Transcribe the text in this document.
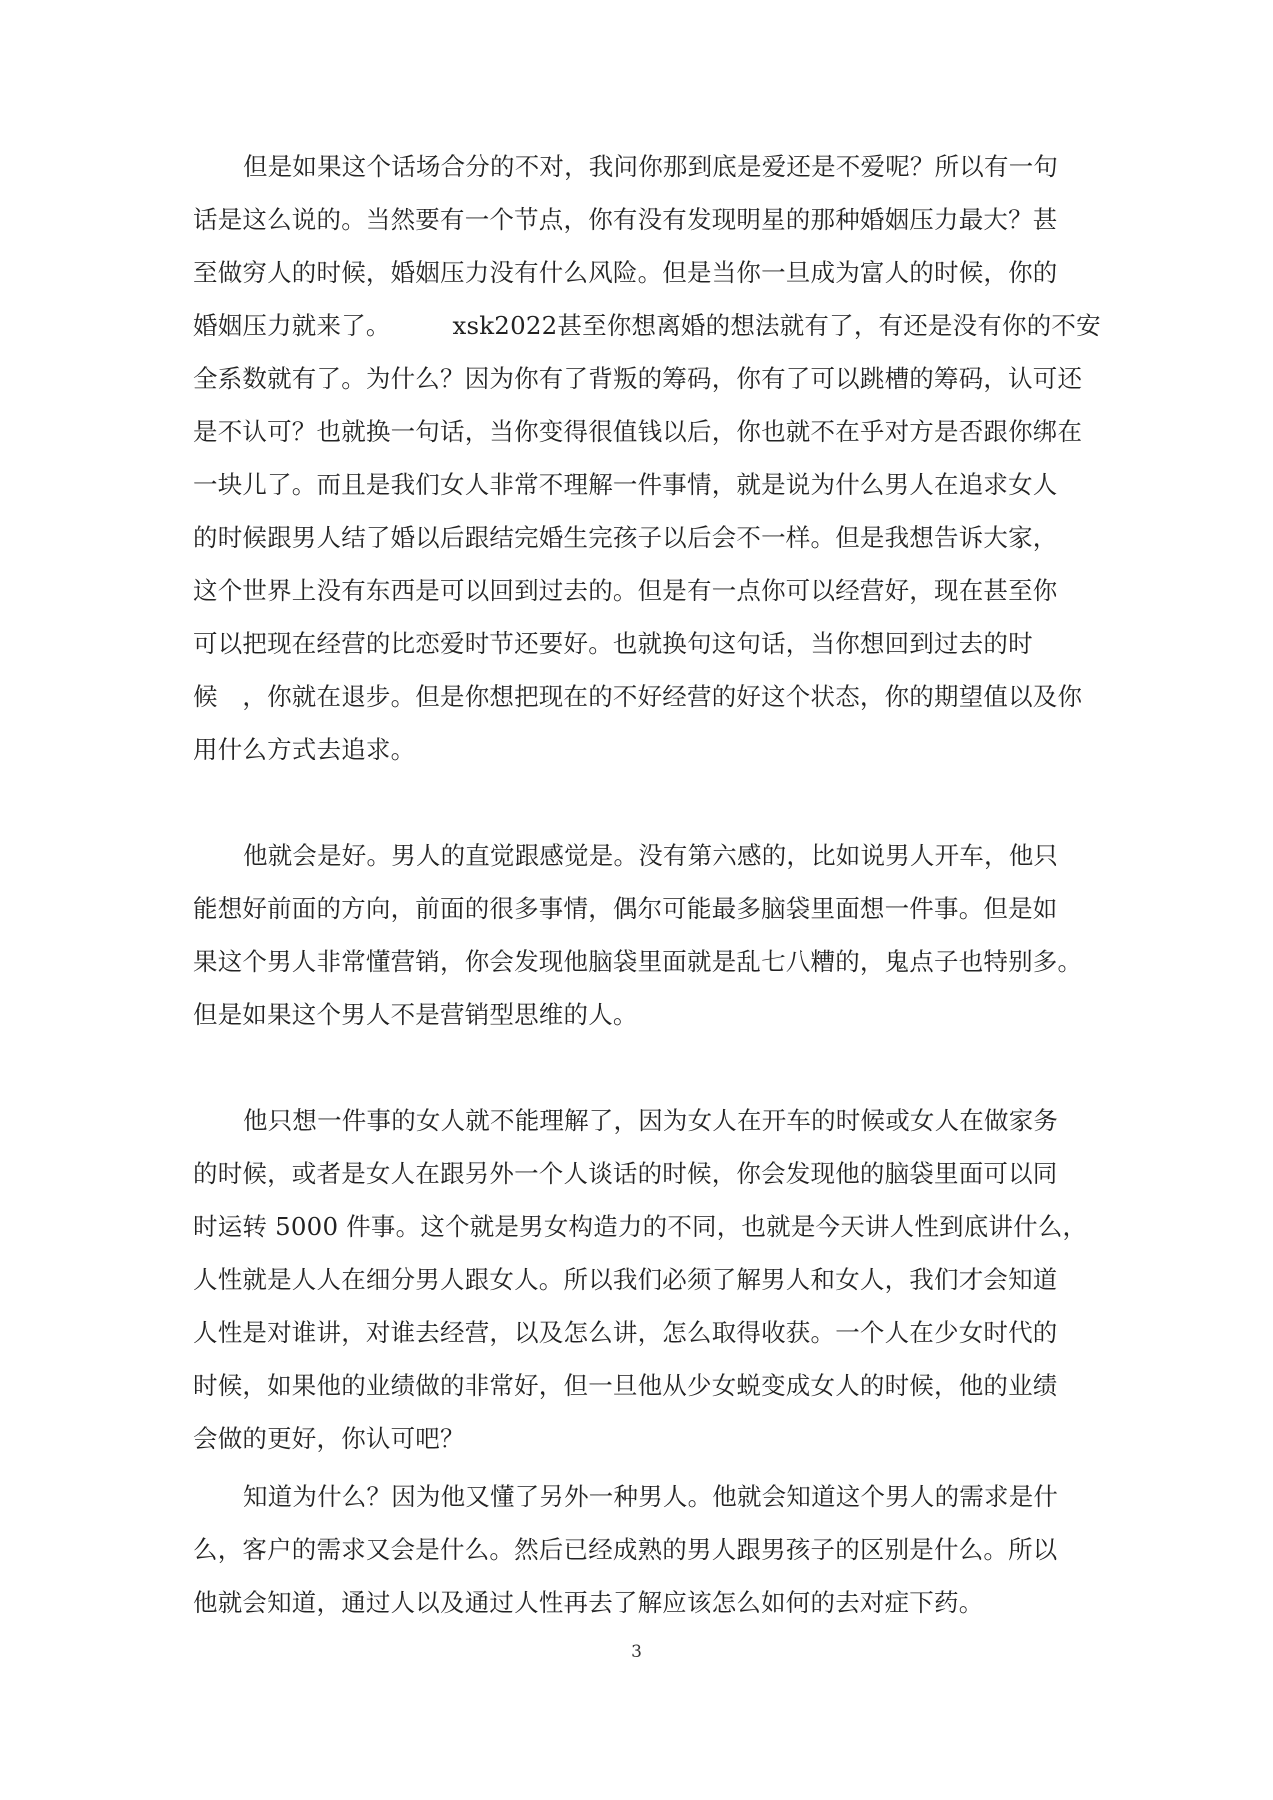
但是如果这个话场合分的不对，我问你那到底是爱还是不爱呢？所以有一句
话是这么说的。当然要有一个节点，你有没有发现明星的那种婚姻压力最大？甚
至做穷人的时候，婚姻压力没有什么风险。但是当你一旦成为富人的时候，你的
婚姻压力就来了。　　　xsk2022甚至你想离婚的想法就有了，有还是没有你的不安
全系数就有了。为什么？因为你有了背叛的筹码，你有了可以跳槽的筹码，认可还
是不认可？也就换一句话，当你变得很值钱以后，你也就不在乎对方是否跟你绑在
一块儿了。而且是我们女人非常不理解一件事情，就是说为什么男人在追求女人
的时候跟男人结了婚以后跟结完婚生完孩子以后会不一样。但是我想告诉大家，
这个世界上没有东西是可以回到过去的。但是有一点你可以经营好，现在甚至你
可以把现在经营的比恋爱时节还要好。也就换句这句话，当你想回到过去的时
候　，你就在退步。但是你想把现在的不好经营的好这个状态，你的期望值以及你
用什么方式去追求。
他就会是好。男人的直觉跟感觉是。没有第六感的，比如说男人开车，他只
能想好前面的方向，前面的很多事情，偶尔可能最多脑袋里面想一件事。但是如
果这个男人非常懂营销，你会发现他脑袋里面就是乱七八糟的，鬼点子也特别多。
但是如果这个男人不是营销型思维的人。
他只想一件事的女人就不能理解了，因为女人在开车的时候或女人在做家务
的时候，或者是女人在跟另外一个人谈话的时候，你会发现他的脑袋里面可以同
时运转 5000 件事。这个就是男女构造力的不同，也就是今天讲人性到底讲什么，
人性就是人人在细分男人跟女人。所以我们必须了解男人和女人，我们才会知道
人性是对谁讲，对谁去经营，以及怎么讲，怎么取得收获。一个人在少女时代的
时候，如果他的业绩做的非常好，但一旦他从少女蜕变成女人的时候，他的业绩
会做的更好，你认可吧？
知道为什么？因为他又懂了另外一种男人。他就会知道这个男人的需求是什
么，客户的需求又会是什么。然后已经成熟的男人跟男孩子的区别是什么。所以
他就会知道，通过人以及通过人性再去了解应该怎么如何的去对症下药。
3
